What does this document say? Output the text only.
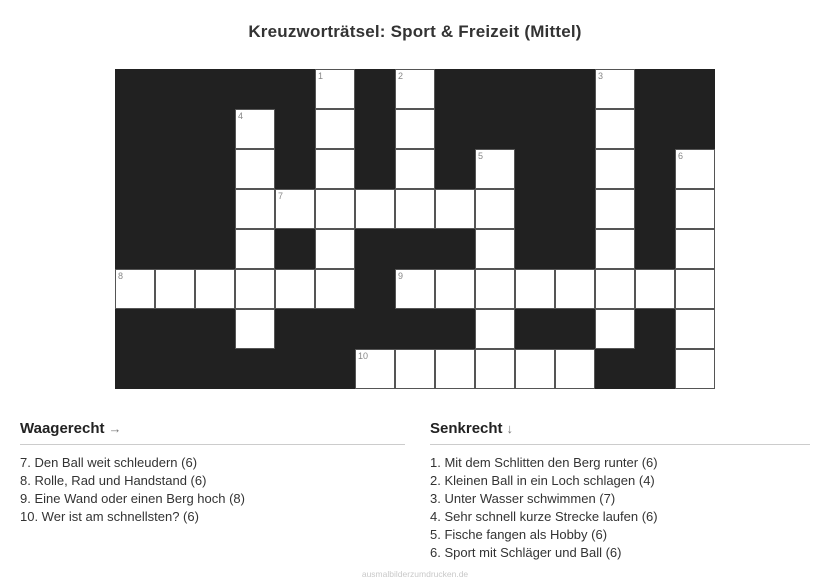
Kreuzworträtsel: Sport & Freizeit (Mittel)
1	2	3
4
5	6
7
8	9
10
Waagerecht →
7. Den Ball weit schleudern (6)
8. Rolle, Rad und Handstand (6)
9. Eine Wand oder einen Berg hoch (8)
10. Wer ist am schnellsten? (6)
Senkrecht ↓
1. Mit dem Schlitten den Berg runter (6)
2. Kleinen Ball in ein Loch schlagen (4)
3. Unter Wasser schwimmen (7)
4. Sehr schnell kurze Strecke laufen (6)
5. Fische fangen als Hobby (6)
6. Sport mit Schläger und Ball (6)
ausmalbilderzumdrucken.de
